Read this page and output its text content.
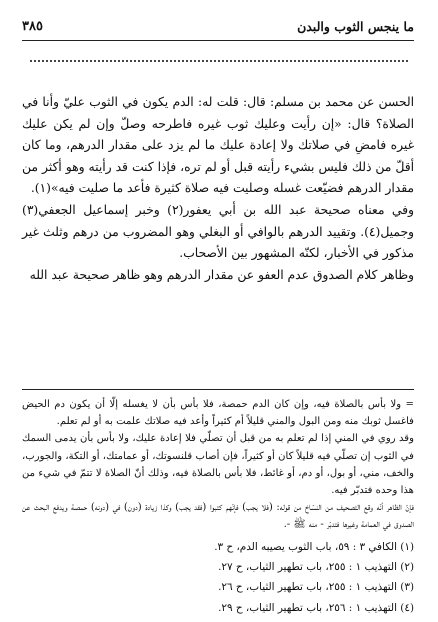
ما ينجس الثوب والبدن
٣٨٥

الحسن عن محمد بن مسلم: قال: قلت له: الدم يكون في الثوب عليّ وأنا في الصلاة؟ قال: «إن رأيت وعليك ثوب غيره فاطرحه وصلّ وإن لم يكن عليك غيره فامضِ في صلاتك ولا إعادة عليك ما لم يزد على مقدار الدرهم، وما كان أقلّ من ذلك فليس بشيء رأيته قبل أو لم تره، فإذا كنت قد رأيته وهو أكثر من مقدار الدرهم فضيّعت غسله وصليت فيه صلاة كثيرة فأعد ما صليت فيه»(١).

وفي معناه صحيحة عبد الله بن أبي يعفور(٢) وخبر إسماعيل الجعفي(٣) وجميل(٤). وتقييد الدرهم بالوافي أو البغلي وهو المضروب من درهم وثلث غير مذكور في الأخبار، لكنّه المشهور بين الأصحاب.

وظاهر كلام الصدوق عدم العفو عن مقدار الدرهم وهو ظاهر صحيحة عبد الله

= ولا بأس بالصلاة فيه، وإن كان الدم حمصة، فلا بأس بأن لا يغسله إلّا أن يكون دم الحيض فاغسل ثوبك منه ومن البول والمني قليلاً أم كثيراً وأعد فيه صلاتك علمت به أو لم تعلم.

وقد روي في المني إذا لم تعلم به من قبل أن تصلّي فلا إعادة عليك، ولا بأس بأن يدمى السمك في الثوب إن تصلّي فيه قليلاً كان أو كثيراً، فإن أصاب قلنسوتك، أو عمامتك، أو التكة، والجورب، والخف، مني، أو بول، أو دم، أو غائط، فلا بأس بالصلاة فيه، وذلك أنّ الصلاة لا تتمّ في شيء من هذا وحده فتدبّر فيه.

فإنّ الظاهر أنّه وقع التصحيف من النسّاخ من قوله: (فلا يجب) فإنّهم كتبوا (فقد يجب) وكذا زيادة (دون) في (دونه) حمصة ويدفع البحث عن الصدوق في العمامة وغيرها فتدبّر - منه ﷺ -.

(١) الكافي ٣ : ٥٩، باب الثوب يصيبه الدم، ح ٣.
(٢) التهذيب ١ : ٢٥٥، باب تطهير الثياب، ح ٢٧.
(٣) التهذيب ١ : ٢٥٥، باب تطهير الثياب، ح ٢٦.
(٤) التهذيب ١ : ٢٥٦، باب تطهير الثياب، ح ٢٩.
